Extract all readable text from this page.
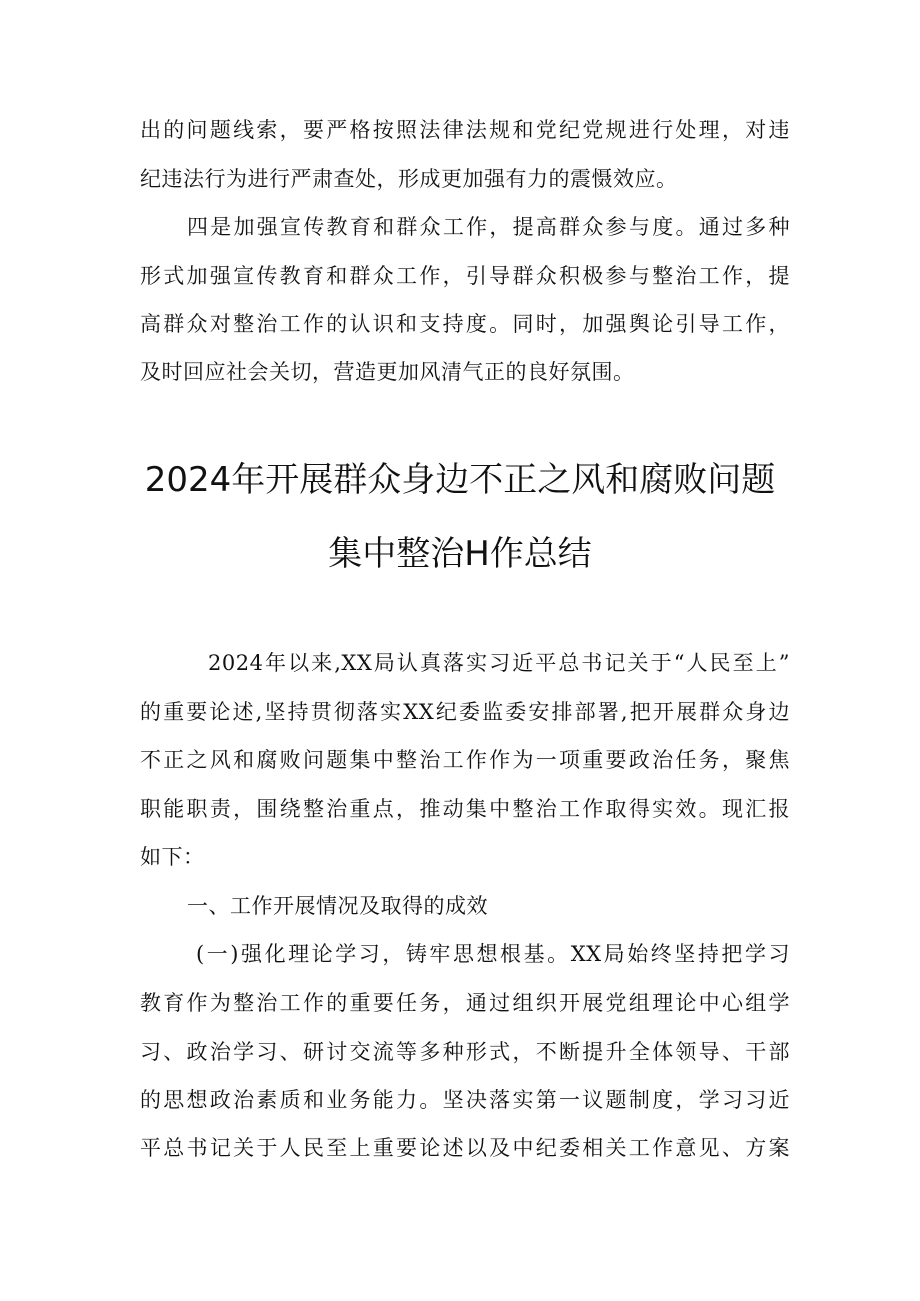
出的问题线索，要严格按照法律法规和党纪党规进行处理，对违
纪违法行为进行严肃查处，形成更加强有力的震慑效应。
四是加强宣传教育和群众工作，提高群众参与度。通过多种
形式加强宣传教育和群众工作，引导群众积极参与整治工作，提
高群众对整治工作的认识和支持度。同时，加强舆论引导工作，
及时回应社会关切，营造更加风清气正的良好氛围。
2024年开展群众身边不正之风和腐败问题
集中整治H作总结
2024年以来,XX局认真落实习近平总书记关于“人民至上”
的重要论述,坚持贯彻落实XX纪委监委安排部署,把开展群众身边
不正之风和腐败问题集中整治工作作为一项重要政治任务，聚焦
职能职责，围绕整治重点，推动集中整治工作取得实效。现汇报
如下：
一、工作开展情况及取得的成效
(一)强化理论学习，铸牢思想根基。XX局始终坚持把学习
教育作为整治工作的重要任务，通过组织开展党组理论中心组学
习、政治学习、研讨交流等多种形式，不断提升全体领导、干部
的思想政治素质和业务能力。坚决落实第一议题制度，学习习近
平总书记关于人民至上重要论述以及中纪委相关工作意见、方案
